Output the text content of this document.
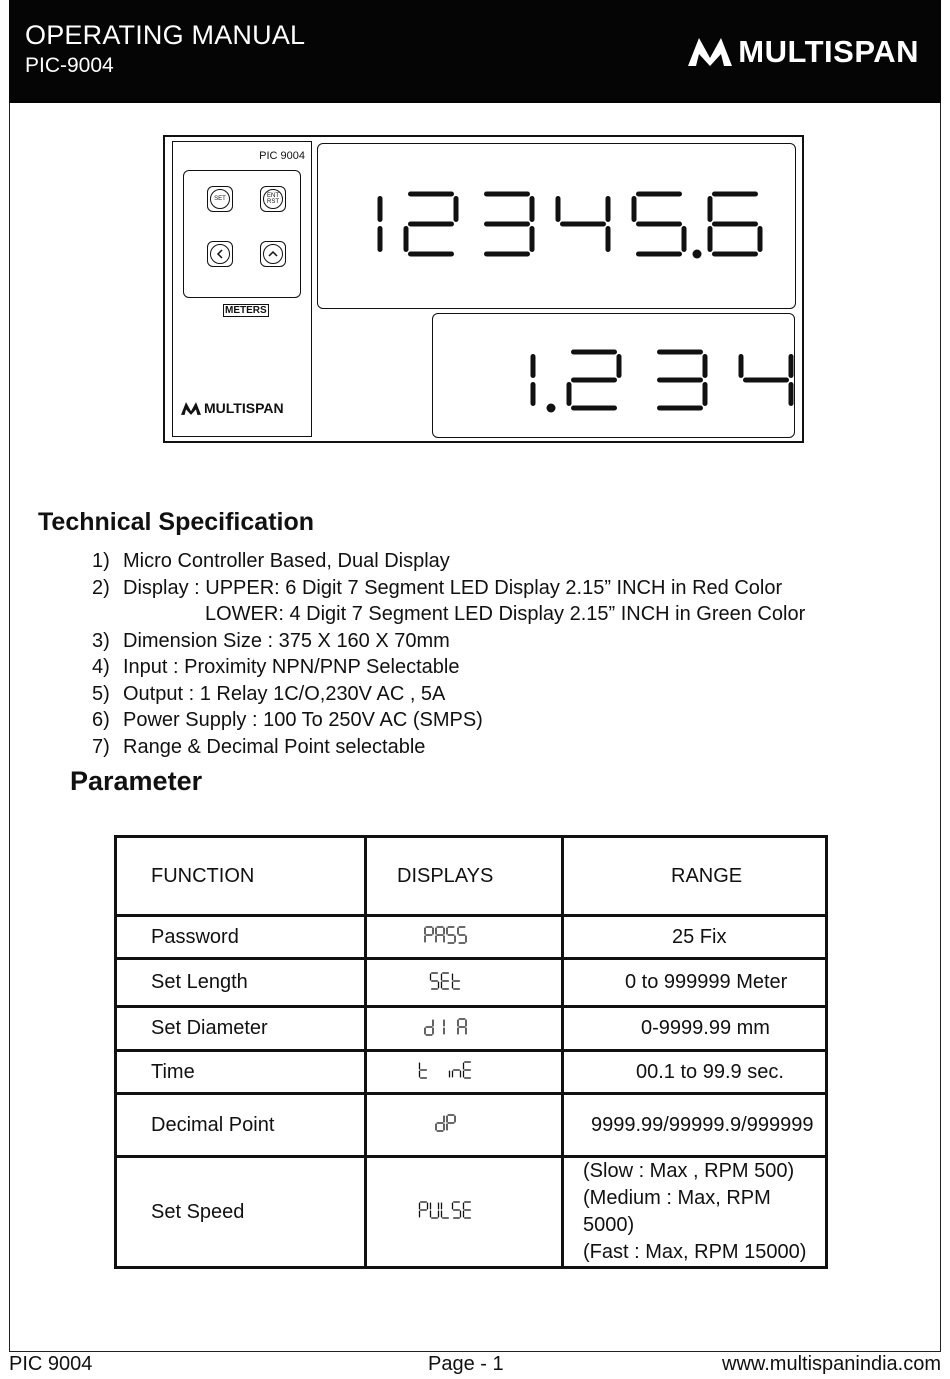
OPERATING MANUAL
PIC-9004	MULTISPAN
PIC 9004
SET	ENT
RST
METERS
MULTISPAN
Technical Specification
1) Micro Controller Based, Dual Display
2) Display : UPPER: 6 Digit 7 Segment LED Display 2.15” INCH in Red Color
LOWER: 4 Digit 7 Segment LED Display 2.15” INCH in Green Color
3) Dimension Size : 375 X 160 X 70mm
4) Input : Proximity NPN/PNP Selectable
5) Output : 1 Relay 1C/O,230V AC , 5A
6) Power Supply : 100 To 250V AC (SMPS)
7) Range & Decimal Point selectable
Parameter
FUNCTION	DISPLAYS	RANGE
Password		25 Fix
Set Length		0 to 999999 Meter
Set Diameter		0-9999.99 mm
Time		00.1 to 99.9 sec.
Decimal Point		9999.99/99999.9/999999
Set Speed		(Slow : Max , RPM 500)
(Medium : Max, RPM 5000)
(Fast : Max, RPM 15000)
PIC 9004	Page - 1	www.multispanindia.com
